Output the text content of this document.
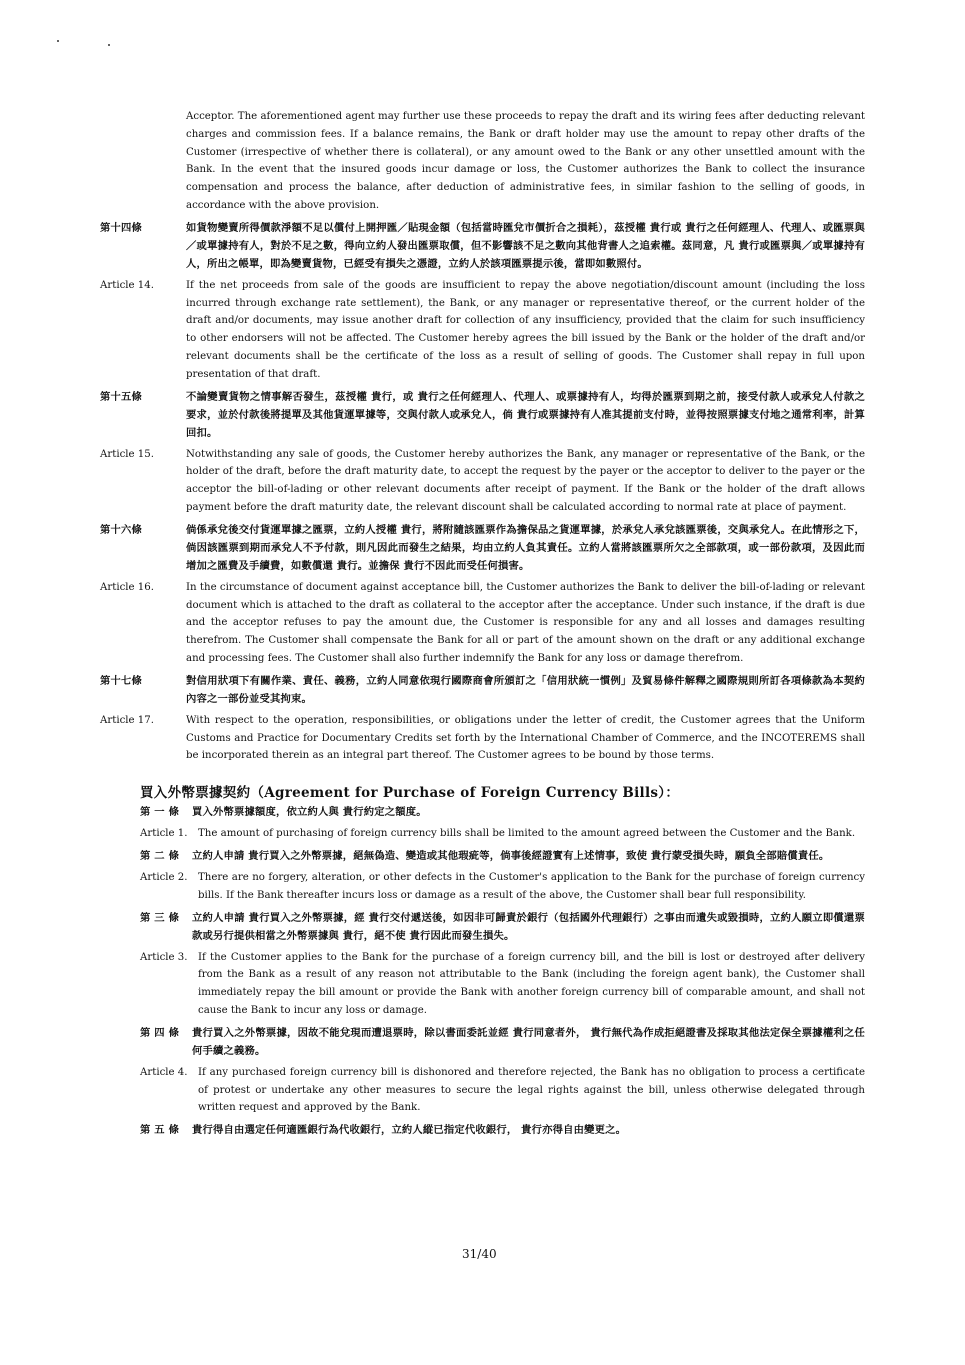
Acceptor. The aforementioned agent may further use these proceeds to repay the draft and its wiring fees after deducting relevant charges and commission fees. If a balance remains, the Bank or draft holder may use the amount to repay other drafts of the Customer (irrespective of whether there is collateral), or any amount owed to the Bank or any other unsettled amount with the Bank. In the event that the insured goods incur damage or loss, the Customer authorizes the Bank to collect the insurance compensation and process the balance, after deduction of administrative fees, in similar fashion to the selling of goods, in accordance with the above provision.

第十四條	如貨物變賣所得價款淨額不足以償付上開押匯／貼現金額（包括當時匯兌市價折合之損耗），茲授權 貴行或 貴行之任何經理人、代理人、或匯票與／或單據持有人，對於不足之數，得向立約人發出匯票取償，但不影響該不足之數向其他背書人之追索權。茲同意，凡 貴行或匯票與／或單據持有人，所出之帳單，即為變賣貨物，已經受有損失之憑證，立約人於該項匯票提示後，當即如數照付。
Article 14.	If the net proceeds from sale of the goods are insufficient to repay the above negotiation/discount amount (including the loss incurred through exchange rate settlement), the Bank, or any manager or representative thereof, or the current holder of the draft and/or documents, may issue another draft for collection of any insufficiency, provided that the claim for such insufficiency to other endorsers will not be affected. The Customer hereby agrees the bill issued by the Bank or the holder of the draft and/or relevant documents shall be the certificate of the loss as a result of selling of goods. The Customer shall repay in full upon presentation of that draft.
第十五條	不論變賣貨物之情事解否發生，茲授權 貴行，或 貴行之任何經理人、代理人、或票據持有人，均得於匯票到期之前，接受付款人或承兌人付款之要求，並於付款後將提單及其他貨運單據等，交與付款人或承兌人，倘 貴行或票據持有人准其提前支付時，並得按照票據支付地之通常利率，計算回扣。
Article 15.	Notwithstanding any sale of goods, the Customer hereby authorizes the Bank, any manager or representative of the Bank, or the holder of the draft, before the draft maturity date, to accept the request by the payer or the acceptor to deliver to the payer or the acceptor the bill-of-lading or other relevant documents after receipt of payment. If the Bank or the holder of the draft allows payment before the draft maturity date, the relevant discount shall be calculated according to normal rate at place of payment.
第十六條	倘係承兌後交付貨運單據之匯票，立約人授權 貴行，將附隨該匯票作為擔保品之貨運單據，於承兌人承兌該匯票後，交與承兌人。在此情形之下，倘因該匯票到期而承兌人不予付款，則凡因此而發生之結果，均由立約人負其責任。立約人當將該匯票所欠之全部款項，或一部份款項，及因此而增加之匯費及手續費，如數償還 貴行。並擔保 貴行不因此而受任何損害。
Article 16.	In the circumstance of document against acceptance bill, the Customer authorizes the Bank to deliver the bill-of-lading or relevant document which is attached to the draft as collateral to the acceptor after the acceptance. Under such instance, if the draft is due and the acceptor refuses to pay the amount due, the Customer is responsible for any and all losses and damages resulting therefrom. The Customer shall compensate the Bank for all or part of the amount shown on the draft or any additional exchange and processing fees. The Customer shall also further indemnify the Bank for any loss or damage therefrom.
第十七條	對信用狀項下有關作業、責任、義務，立約人同意依現行國際商會所頒訂之「信用狀統一慣例」及貿易條件解釋之國際規則所訂各項條款為本契約內容之一部份並受其拘束。
Article 17.	With respect to the operation, responsibilities, or obligations under the letter of credit, the Customer agrees that the Uniform Customs and Practice for Documentary Credits set forth by the International Chamber of Commerce, and the INCOTEREMS shall be incorporated therein as an integral part thereof. The Customer agrees to be bound by those terms.
買入外幣票據契約（Agreement for Purchase of Foreign Currency Bills）：
第 一 條	買入外幣票據額度，依立約人與 貴行約定之額度。
Article 1.	The amount of purchasing of foreign currency bills shall be limited to the amount agreed between the Customer and the Bank.
第 二 條	立約人申請 貴行買入之外幣票據，絕無偽造、變造或其他瑕疵等，倘事後經證實有上述情事，致使 貴行蒙受損失時，願負全部賠償責任。
Article 2.	There are no forgery, alteration, or other defects in the Customer's application to the Bank for the purchase of foreign currency bills. If the Bank thereafter incurs loss or damage as a result of the above, the Customer shall bear full responsibility.
第 三 條	立約人申請 貴行買入之外幣票據，經 貴行交付遞送後，如因非可歸責於銀行（包括國外代理銀行）之事由而遺失或毀損時，立約人願立即償還票款或另行提供相當之外幣票據與 貴行，絕不使 貴行因此而發生損失。
Article 3.	If the Customer applies to the Bank for the purchase of a foreign currency bill, and the bill is lost or destroyed after delivery from the Bank as a result of any reason not attributable to the Bank (including the foreign agent bank), the Customer shall immediately repay the bill amount or provide the Bank with another foreign currency bill of comparable amount, and shall not cause the Bank to incur any loss or damage.
第 四 條	貴行買入之外幣票據，因故不能兌現而遭退票時，除以書面委託並經 貴行同意者外， 貴行無代為作成拒絕證書及採取其他法定保全票據權利之任何手續之義務。
Article 4.	If any purchased foreign currency bill is dishonored and therefore rejected, the Bank has no obligation to process a certificate of protest or undertake any other measures to secure the legal rights against the bill, unless otherwise delegated through written request and approved by the Bank.
第 五 條	貴行得自由選定任何適匯銀行為代收銀行，立約人縱已指定代收銀行， 貴行亦得自由變更之。
31/40
